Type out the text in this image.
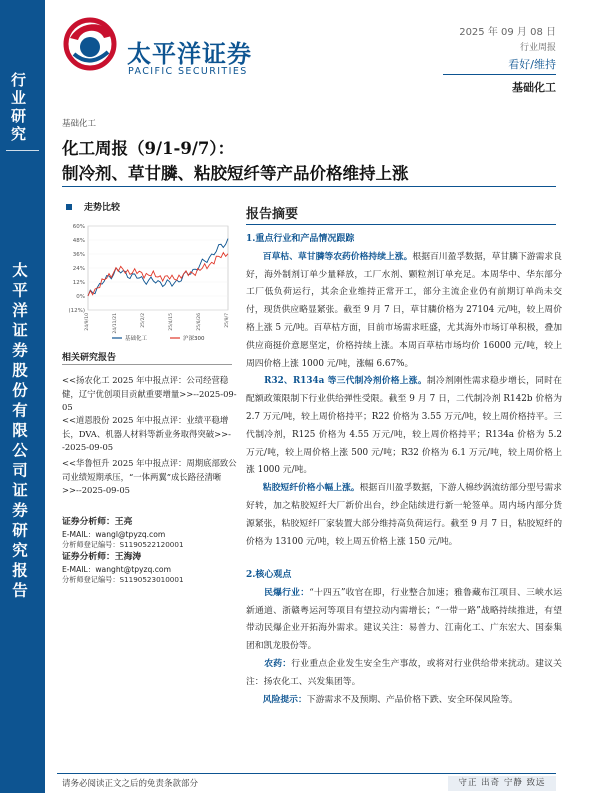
行业研究
太平洋证券股份有限公司证券研究报告
太平洋证券
PACIFIC SECURITIES
2025 年 09 月 08 日
行业周报
看好/维持
基础化工
基础化工
化工周报（9/1-9/7）：
制冷剂、草甘膦、粘胶短纤等产品价格维持上涨
走势比较
60%
48%
36%
24%
12%
0%
(12%)
24/9/10	24/11/21	25/2/2	25/4/15	25/6/26	25/9/7
基础化工	沪深300
相关研究报告
<<扬农化工 2025 年中报点评：公司经营稳健，辽宁优创项目贡献重要增量>>--2025-09-05
<<道恩股份 2025 年中报点评：业绩平稳增长，DVA、机器人材料等新业务取得突破>>--2025-09-05
<<华鲁恒升 2025 年中报点评：周期底部致公司业绩短期承压，“一体两翼”成长路径清晰>>--2025-09-05
证券分析师：王亮
E-MAIL：wangl@tpyzq.com
分析师登记编号：S1190522120001
证券分析师：王海涛
E-MAIL：wanght@tpyzq.com
分析师登记编号：S1190523010001
报告摘要
1.重点行业和产品情况跟踪
百草枯、草甘膦等农药价格持续上涨。根据百川盈孚数据，草甘膦下游需求良好，海外制剂订单少量释放，工厂水剂、颗粒剂订单充足。本周华中、华东部分工厂低负荷运行，其余企业维持正常开工，部分主流企业仍有前期订单尚未交付，现货供应略显紧张。截至 9 月 7 日，草甘膦价格为 27104 元/吨，较上周价格上涨 5 元/吨。百草枯方面，目前市场需求旺盛，尤其海外市场订单积极，叠加供应商挺价意愿坚定，价格持续上涨。本周百草枯市场均价 16000 元/吨，较上周四价格上涨 1000 元/吨，涨幅 6.67%。
R32、R134a 等三代制冷剂价格上涨。制冷剂刚性需求稳步增长，同时在配额政策限制下行业供给弹性受限。截至 9 月 7 日，二代制冷剂 R142b 价格为 2.7 万元/吨，较上周价格持平；R22 价格为 3.55 万元/吨，较上周价格持平。三代制冷剂，R125 价格为 4.55 万元/吨，较上周价格持平；R134a 价格为 5.2 万元/吨，较上周价格上涨 500 元/吨；R32 价格为 6.1 万元/吨，较上周价格上涨 1000 元/吨。
粘胶短纤价格小幅上涨。根据百川盈孚数据，下游人棉纱涡流纺部分型号需求好转，加之粘胶短纤大厂新价出台，纱企陆续进行新一轮签单。周内场内部分货源紧张，粘胶短纤厂家装置大部分维持高负荷运行。截至 9 月 7 日，粘胶短纤的价格为 13100 元/吨，较上周五价格上涨 150 元/吨。
2.核心观点
民爆行业：“十四五”收官在即，行业整合加速；雅鲁藏布江项目、三峡水运新通道、浙赣粤运河等项目有望拉动内需增长；“一带一路”战略持续推进，有望带动民爆企业开拓海外需求。建议关注：易普力、江南化工、广东宏大、国泰集团和凯龙股份等。
农药：行业重点企业发生安全生产事故，或将对行业供给带来扰动。建议关注：扬农化工、兴发集团等。
风险提示：下游需求不及预期、产品价格下跌、安全环保风险等。
请务必阅读正文之后的免责条款部分	守正 出奇 宁静 致远
